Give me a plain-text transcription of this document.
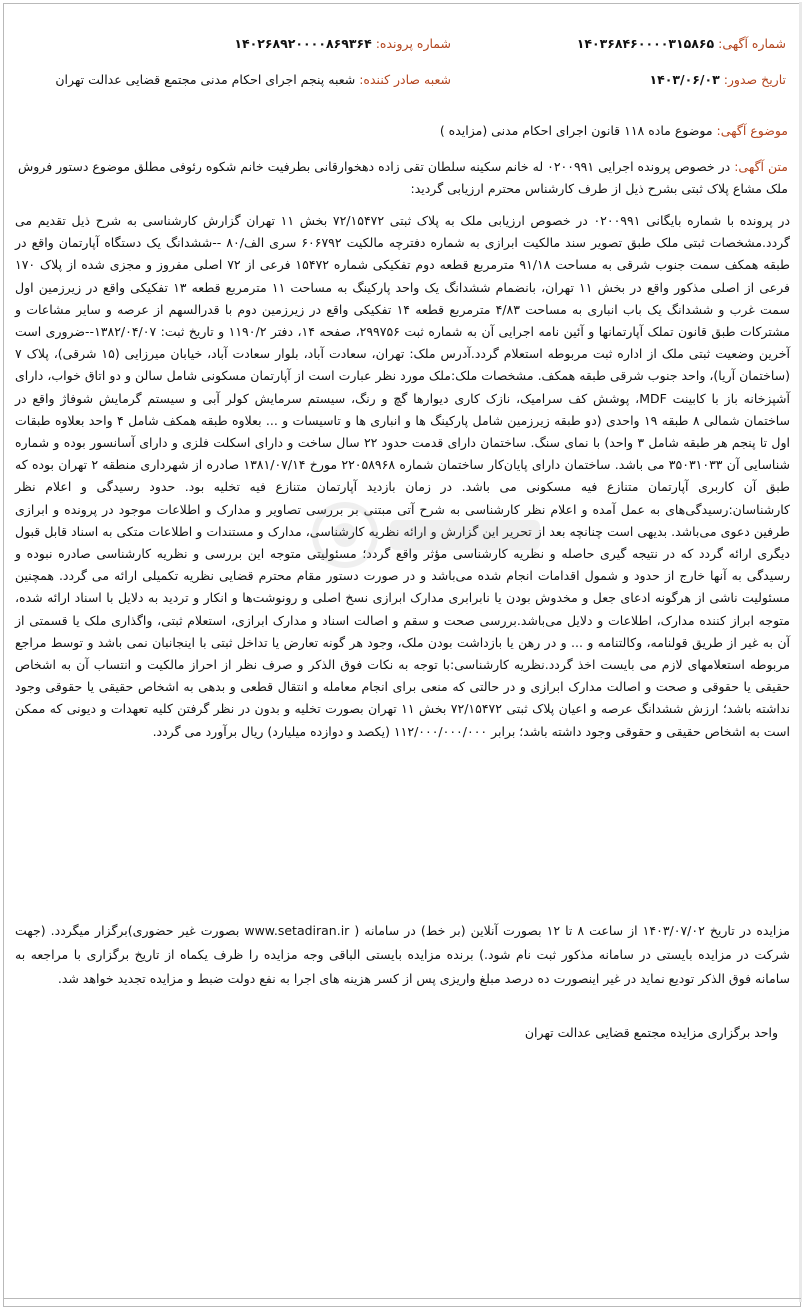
شماره آگهی: ۱۴۰۳۶۸۴۶۰۰۰۰۳۱۵۸۶۵
شماره پرونده: ۱۴۰۲۶۸۹۲۰۰۰۰۸۶۹۳۶۴
تاریخ صدور: ۱۴۰۳/۰۶/۰۳
شعبه صادر کننده: شعبه پنجم اجرای احکام مدنی مجتمع قضایی عدالت تهران
موضوع آگهی: موضوع ماده ۱۱۸ قانون اجرای احکام مدنی (مزایده )
متن آگهی: در خصوص پرونده اجرایی ۰۲۰۰۹۹۱ له خانم سکینه سلطان تقی زاده دهخوارقانی بطرفیت خانم شکوه رئوفی مطلق موضوع دستور فروش ملک مشاع پلاک ثبتی بشرح ذیل از طرف کارشناس محترم ارزیابی گردید:
در پرونده با شماره بایگانی ۰۲۰۰۹۹۱ در خصوص ارزیابی ملک به پلاک ثبتی ۷۲/۱۵۴۷۲ بخش ۱۱ تهران گزارش کارشناسی به شرح ذیل تقدیم می گردد.مشخصات ثبتی ملک طبق تصویر سند مالکیت ابرازی به شماره دفترچه مالکیت ۶۰۶۷۹۲ سری الف/۸۰ --ششدانگ یک دستگاه آپارتمان واقع در طبقه همکف سمت جنوب شرقی به مساحت ۹۱/۱۸ مترمربع قطعه دوم تفکیکی شماره ۱۵۴۷۲ فرعی از ۷۲ اصلی مفروز و مجزی شده از پلاک ۱۷۰ فرعی از اصلی مذکور واقع در بخش ۱۱ تهران، بانضمام ششدانگ یک واحد پارکینگ به مساحت ۱۱ مترمربع قطعه ۱۳ تفکیکی واقع در زیرزمین اول سمت غرب و ششدانگ یک باب انباری به مساحت ۴/۸۳ مترمربع قطعه ۱۴ تفکیکی واقع در زیرزمین دوم با قدرالسهم از عرصه و سایر مشاعات و مشترکات طبق قانون تملک آپارتمانها و آئین نامه اجرایی آن به شماره ثبت ۲۹۹۷۵۶، صفحه ۱۴، دفتر ۱۱۹۰/۲ و تاریخ ثبت: ۱۳۸۲/۰۴/۰۷--ضروری است آخرین وضعیت ثبتی ملک از اداره ثبت مربوطه استعلام گردد.آدرس ملک: تهران، سعادت آباد، بلوار سعادت آباد، خیابان میرزایی (۱۵ شرقی)، پلاک ۷ (ساختمان آریا)، واحد جنوب شرقی طبقه همکف. مشخصات ملک:ملک مورد نظر عبارت است از آپارتمان مسکونی شامل سالن و دو اتاق خواب، دارای آشپزخانه باز با کابینت MDF، پوشش کف سرامیک، نازک کاری دیوارها گچ و رنگ، سیستم سرمایش کولر آبی و سیستم گرمایش شوفاژ واقع در ساختمان شمالی ۸ طبقه ۱۹ واحدی (دو طبقه زیرزمین شامل پارکینگ ها و انباری ها و تاسیسات و ... بعلاوه طبقه همکف شامل ۴ واحد بعلاوه طبقات اول تا پنجم هر طبقه شامل ۳ واحد) با نمای سنگ. ساختمان دارای قدمت حدود ۲۲ سال ساخت و دارای اسکلت فلزی و دارای آسانسور بوده و شماره شناسایی آن ۳۵۰۳۱۰۳۳ می باشد. ساختمان دارای پایان‌کار ساختمان شماره ۲۲۰۵۸۹۶۸ مورخ ۱۳۸۱/۰۷/۱۴ صادره از شهرداری منطقه ۲ تهران بوده که طبق آن کاربری آپارتمان متنازع فیه مسکونی می باشد. در زمان بازدید آپارتمان متنازع فیه تخلیه بود. حدود رسیدگی و اعلام نظر کارشناسان:رسیدگی‌های به عمل آمده و اعلام نظر کارشناسی به شرح آتی مبتنی بر بررسی تصاویر و مدارک و اطلاعات موجود در پرونده و ابرازی طرفین دعوی می‌باشد. بدیهی است چنانچه بعد از تحریر این گزارش و ارائه نظریه کارشناسی، مدارک و مستندات و اطلاعات متکی به اسناد قابل قبول دیگری ارائه گردد که در نتیجه گیری حاصله و نظریه کارشناسی مؤثر واقع گردد؛ مسئولیتی متوجه این بررسی و نظریه کارشناسی صادره نبوده و رسیدگی به آنها خارج از حدود و شمول اقدامات انجام شده می‌باشد و در صورت دستور مقام محترم قضایی نظریه تکمیلی ارائه می گردد. همچنین مسئولیت ناشی از هرگونه ادعای جعل و مخدوش بودن یا نابرابری مدارک ابرازی نسخ اصلی و رونوشت‌ها و انکار و تردید به دلایل با اسناد ارائه شده، متوجه ابراز کننده مدارک، اطلاعات و دلایل می‌باشد.بررسی صحت و سقم و اصالت اسناد و مدارک ابرازی، استعلام ثبتی، واگذاری ملک یا قسمتی از آن به غیر از طریق قولنامه، وکالتنامه و ... و در رهن یا بازداشت بودن ملک، وجود هر گونه تعارض یا تداخل ثبتی با اینجانبان نمی باشد و توسط مراجع مربوطه استعلامهای لازم می بایست اخذ گردد.نظریه کارشناسی:با توجه به نکات فوق الذکر و صرف نظر از احراز مالکیت و انتساب آن به اشخاص حقیقی یا حقوقی و صحت و اصالت مدارک ابرازی و در حالتی که منعی برای انجام معامله و انتقال قطعی و بدهی به اشخاص حقیقی یا حقوقی وجود نداشته باشد؛ ارزش ششدانگ عرصه و اعیان پلاک ثبتی ۷۲/۱۵۴۷۲ بخش ۱۱ تهران بصورت تخلیه و بدون در نظر گرفتن کلیه تعهدات و دیونی که ممکن است به اشخاص حقیقی و حقوقی وجود داشته باشد؛ برابر ۱۱۲/۰۰۰/۰۰۰/۰۰۰ (یکصد و دوازده میلیارد) ریال برآورد می گردد.
مزایده در تاریخ ۱۴۰۳/۰۷/۰۲ از ساعت ۸ تا ۱۲ بصورت آنلاین (بر خط) در سامانه ( www.setadiran.ir بصورت غیر حضوری)برگزار میگردد. (جهت شرکت در مزایده بایستی در سامانه مذکور ثبت نام شود.) برنده مزایده بایستی الباقی وجه مزایده را ظرف یکماه از تاریخ برگزاری با مراجعه به سامانه فوق الذکر تودیع نماید در غیر اینصورت ده درصد مبلغ واریزی پس از کسر هزینه های اجرا به نفع دولت ضبط و مزایده تجدید خواهد شد.
واحد برگزاری مزایده مجتمع قضایی عدالت تهران
